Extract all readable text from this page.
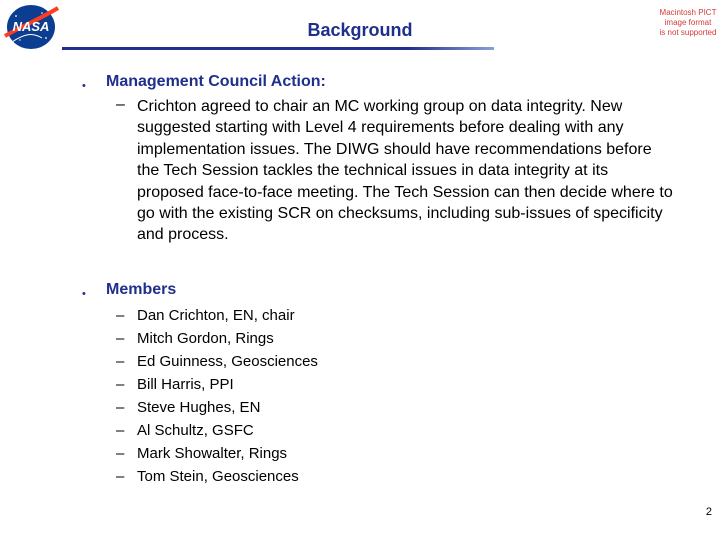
NASA
Macintosh PICT
image format
is not supported
Background
• Management Council Action:
– Crichton agreed to chair an MC working group on data integrity. New suggested starting with Level 4 requirements before dealing with any implementation issues. The DIWG should have recommendations before the Tech Session tackles the technical issues in data integrity at its proposed face-to-face meeting. The Tech Session can then decide where to go with the existing SCR on checksums, including sub-issues of specificity and process.
• Members
– Dan Crichton, EN, chair
– Mitch Gordon, Rings
– Ed Guinness, Geosciences
– Bill Harris, PPI
– Steve Hughes, EN
– Al Schultz, GSFC
– Mark Showalter, Rings
– Tom Stein, Geosciences
2
